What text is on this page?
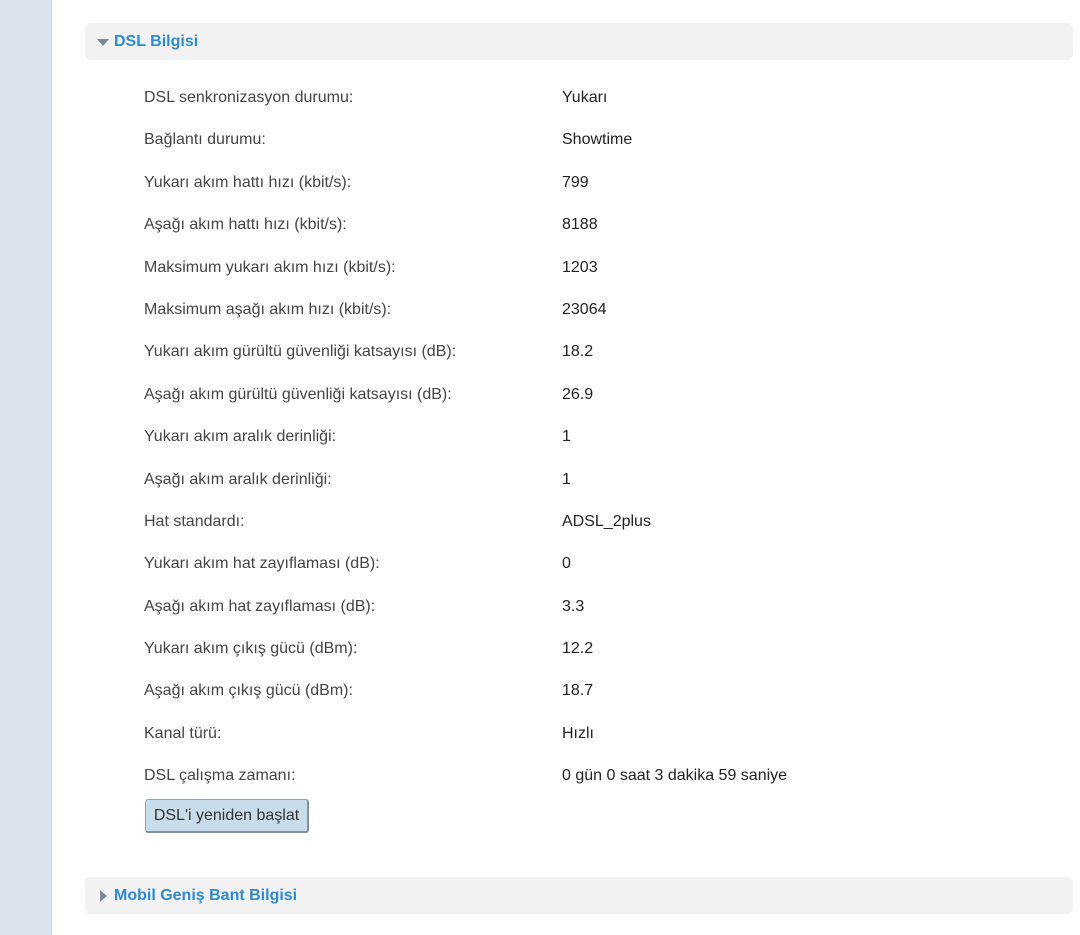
DSL Bilgisi
DSL senkronizasyon durumu:	Yukarı
Bağlantı durumu:	Showtime
Yukarı akım hattı hızı (kbit/s):	799
Aşağı akım hattı hızı (kbit/s):	8188
Maksimum yukarı akım hızı (kbit/s):	1203
Maksimum aşağı akım hızı (kbit/s):	23064
Yukarı akım gürültü güvenliği katsayısı (dB):	18.2
Aşağı akım gürültü güvenliği katsayısı (dB):	26.9
Yukarı akım aralık derinliği:	1
Aşağı akım aralık derinliği:	1
Hat standardı:	ADSL_2plus
Yukarı akım hat zayıflaması (dB):	0
Aşağı akım hat zayıflaması (dB):	3.3
Yukarı akım çıkış gücü (dBm):	12.2
Aşağı akım çıkış gücü (dBm):	18.7
Kanal türü:	Hızlı
DSL çalışma zamanı:	0 gün 0 saat 3 dakika 59 saniye
DSL'i yeniden başlat
Mobil Geniş Bant Bilgisi
